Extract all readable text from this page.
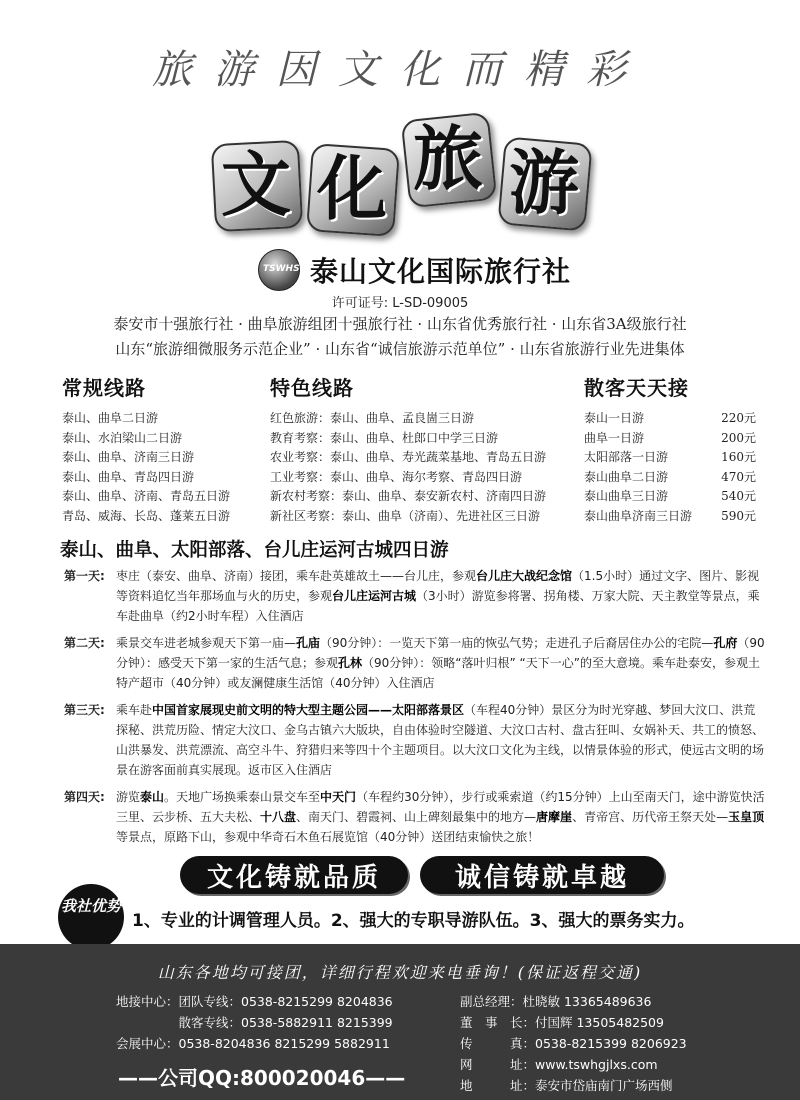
旅游因文化而精彩
文 化 旅 游
TSWHS 泰山文化国际旅行社
许可证号: L-SD-09005
泰安市十强旅行社 · 曲阜旅游组团十强旅行社 · 山东省优秀旅行社 · 山东省3A级旅行社
山东“旅游细微服务示范企业” · 山东省“诚信旅游示范单位” · 山东省旅游行业先进集体
常规线路
泰山、曲阜二日游
泰山、水泊梁山二日游
泰山、曲阜、济南三日游
泰山、曲阜、青岛四日游
泰山、曲阜、济南、青岛五日游
青岛、威海、长岛、蓬莱五日游
特色线路
红色旅游：泰山、曲阜、孟良崮三日游
教育考察：泰山、曲阜、杜郎口中学三日游
农业考察：泰山、曲阜、寿光蔬菜基地、青岛五日游
工业考察：泰山、曲阜、海尔考察、青岛四日游
新农村考察：泰山、曲阜、泰安新农村、济南四日游
新社区考察：泰山、曲阜（济南）、先进社区三日游
散客天天接
泰山一日游	220元
曲阜一日游	200元
太阳部落一日游	160元
泰山曲阜二日游	470元
泰山曲阜三日游	540元
泰山曲阜济南三日游 590元
泰山、曲阜、太阳部落、台儿庄运河古城四日游
第一天: 枣庄（泰安、曲阜、济南）接团，乘车赴英雄故土——台儿庄，参观台儿庄大战纪念馆（1.5小时）通过文字、图片、影视等资料追忆当年那场血与火的历史，参观台儿庄运河古城（3小时）游览参将署、拐角楼、万家大院、天主教堂等景点，乘车赴曲阜（约2小时车程）入住酒店
第二天: 乘景交车进老城参观天下第一庙—孔庙（90分钟）：一览天下第一庙的恢弘气势；走进孔子后裔居住办公的宅院—孔府（90分钟）：感受天下第一家的生活气息；参观孔林（90分钟）：领略“落叶归根” “天下一心”的至大意境。乘车赴泰安，参观土特产超市（40分钟）或友澜健康生活馆（40分钟）入住酒店
第三天: 乘车赴中国首家展现史前文明的特大型主题公园——太阳部落景区（车程40分钟）景区分为时光穿越、梦回大汶口、洪荒探秘、洪荒历险、情定大汶口、金乌古镇六大版块，自由体验时空隧道、大汶口古村、盘古狂叫、女娲补天、共工的愤怒、山洪暴发、洪荒漂流、高空斗牛、狩猎归来等四十个主题项目。以大汶口文化为主线，以情景体验的形式，使远古文明的场景在游客面前真实展现。返市区入住酒店
第四天: 游览泰山。天地广场换乘泰山景交车至中天门（车程约30分钟），步行或乘索道（约15分钟）上山至南天门，途中游览快活三里、云步桥、五大夫松、十八盘、南天门、碧霞祠、山上碑刻最集中的地方—唐摩崖、青帝宫、历代帝王祭天处—玉皇顶等景点，原路下山，参观中华奇石木鱼石展览馆（40分钟）送团结束愉快之旅！
文化铸就品质	诚信铸就卓越
我社优势
1、专业的计调管理人员。2、强大的专职导游队伍。3、强大的票务实力。
山东各地均可接团，详细行程欢迎来电垂询！(保证返程交通)
地接中心：团队专线：0538-8215299 8204836
　　　　　散客专线：0538-5882911 8215399
会展中心：0538-8204836 8215299 5882911
副总经理：杜晓敏 13365489636
董　事　长：付国辉 13505482509
传　　　真：0538-8215399 8206923
网　　　址：www.tswhgjlxs.com
地　　　址：泰安市岱庙南门广场西侧
——公司QQ:800020046——
